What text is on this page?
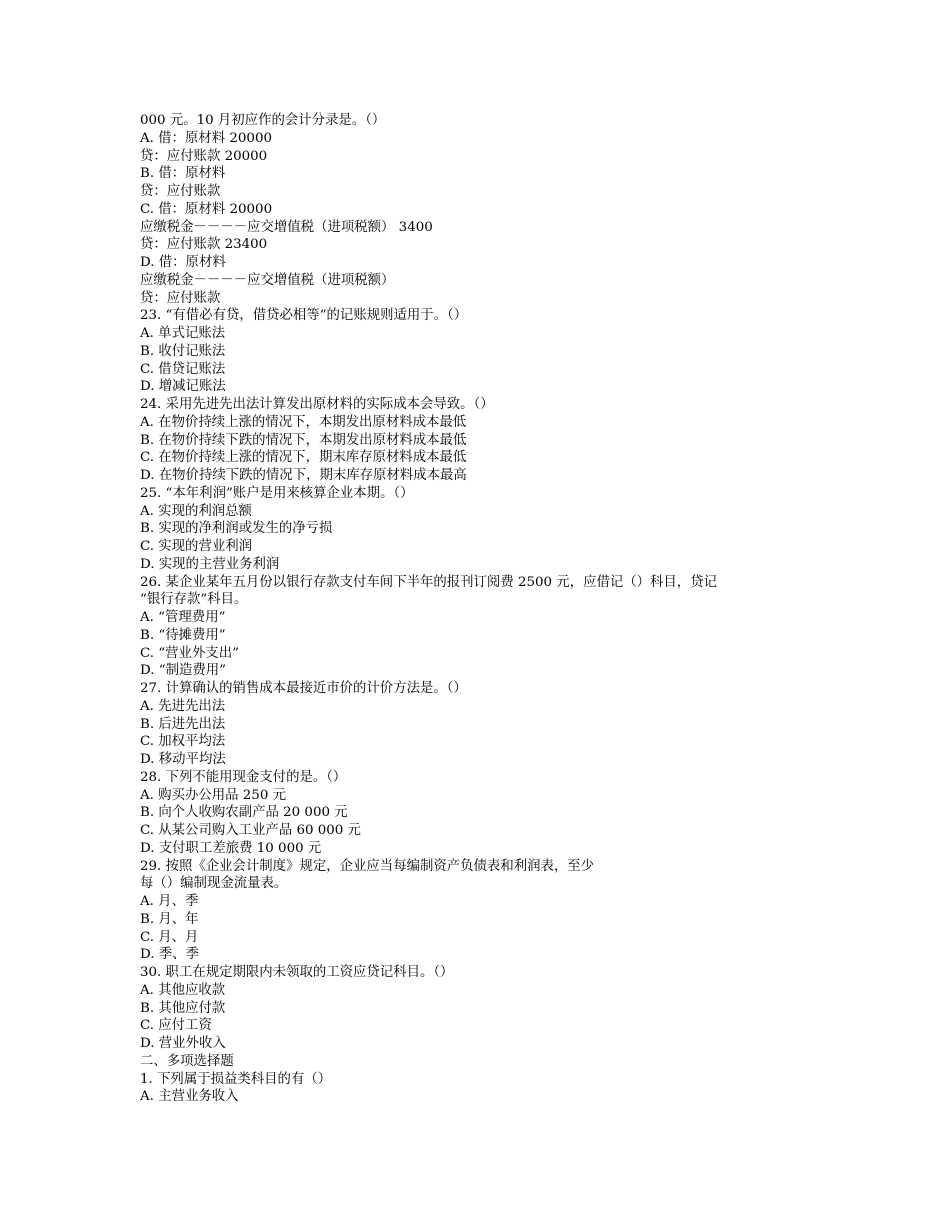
000 元。10 月初应作的会计分录是。（）
A. 借：原材料 20000
贷：应付账款 20000
B. 借：原材料
贷：应付账款
C. 借：原材料 20000
应缴税金－－－－应交增值税（进项税额） 3400
贷：应付账款 23400
D. 借：原材料
应缴税金－－－－应交增值税（进项税额）
贷：应付账款
23. “有借必有贷，借贷必相等”的记账规则适用于。（）
A. 单式记账法
B. 收付记账法
C. 借贷记账法
D. 增减记账法
24. 采用先进先出法计算发出原材料的实际成本会导致。（）
A. 在物价持续上涨的情况下，本期发出原材料成本最低
B. 在物价持续下跌的情况下，本期发出原材料成本最低
C. 在物价持续上涨的情况下，期末库存原材料成本最低
D. 在物价持续下跌的情况下，期末库存原材料成本最高
25. “本年利润”账户是用来核算企业本期。（）
A. 实现的利润总额
B. 实现的净利润或发生的净亏损
C. 实现的营业利润
D. 实现的主营业务利润
26. 某企业某年五月份以银行存款支付车间下半年的报刊订阅费 2500 元，应借记（）科目，贷记
“银行存款”科目。
A. “管理费用”
B. “待摊费用”
C. “营业外支出”
D. “制造费用”
27. 计算确认的销售成本最接近市价的计价方法是。（）
A. 先进先出法
B. 后进先出法
C. 加权平均法
D. 移动平均法
28. 下列不能用现金支付的是。（）
A. 购买办公用品 250 元
B. 向个人收购农副产品 20 000 元
C. 从某公司购入工业产品 60 000 元
D. 支付职工差旅费 10 000 元
29. 按照《企业会计制度》规定，企业应当每编制资产负债表和利润表，至少
每（）编制现金流量表。
A. 月、季
B. 月、年
C. 月、月
D. 季、季
30. 职工在规定期限内未领取的工资应贷记科目。（）
A. 其他应收款
B. 其他应付款
C. 应付工资
D. 营业外收入
二、多项选择题
1. 下列属于损益类科目的有（）
A. 主营业务收入
